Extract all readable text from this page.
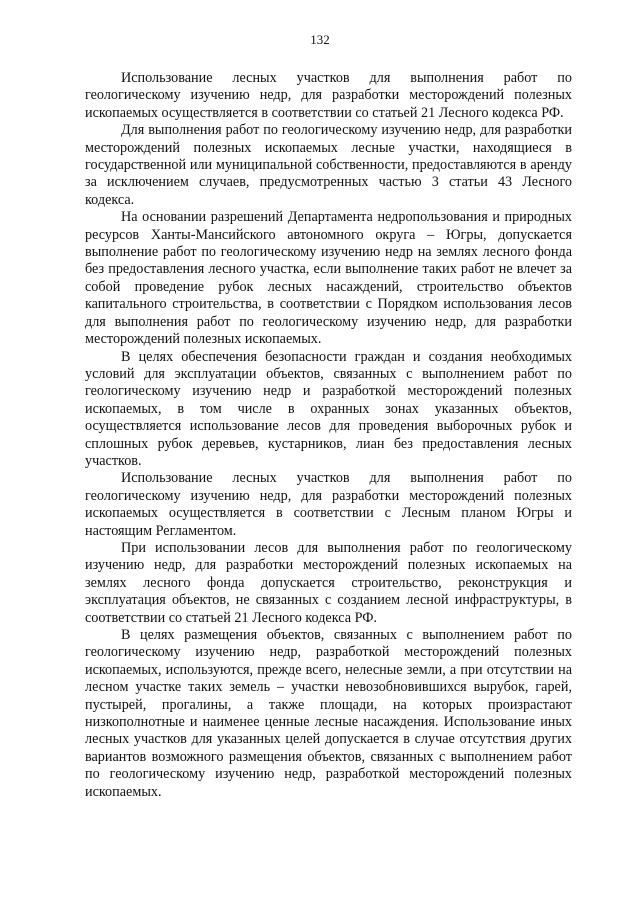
132

Использование лесных участков для выполнения работ по геологическому изучению недр, для разработки месторождений полезных ископаемых осуществляется в соответствии со статьей 21 Лесного кодекса РФ.

Для выполнения работ по геологическому изучению недр, для разработки месторождений полезных ископаемых лесные участки, находящиеся в государственной или муниципальной собственности, предоставляются в аренду за исключением случаев, предусмотренных частью 3 статьи 43 Лесного кодекса.

На основании разрешений Департамента недропользования и природных ресурсов Ханты-Мансийского автономного округа – Югры, допускается выполнение работ по геологическому изучению недр на землях лесного фонда без предоставления лесного участка, если выполнение таких работ не влечет за собой проведение рубок лесных насаждений, строительство объектов капитального строительства, в соответствии с Порядком использования лесов для выполнения работ по геологическому изучению недр, для разработки месторождений полезных ископаемых.

В целях обеспечения безопасности граждан и создания необходимых условий для эксплуатации объектов, связанных с выполнением работ по геологическому изучению недр и разработкой месторождений полезных ископаемых, в том числе в охранных зонах указанных объектов, осуществляется использование лесов для проведения выборочных рубок и сплошных рубок деревьев, кустарников, лиан без предоставления лесных участков.

Использование лесных участков для выполнения работ по геологическому изучению недр, для разработки месторождений полезных ископаемых осуществляется в соответствии с Лесным планом Югры и настоящим Регламентом.

При использовании лесов для выполнения работ по геологическому изучению недр, для разработки месторождений полезных ископаемых на землях лесного фонда допускается строительство, реконструкция и эксплуатация объектов, не связанных с созданием лесной инфраструктуры, в соответствии со статьей 21 Лесного кодекса РФ.

В целях размещения объектов, связанных с выполнением работ по геологическому изучению недр, разработкой месторождений полезных ископаемых, используются, прежде всего, нелесные земли, а при отсутствии на лесном участке таких земель – участки невозобновившихся вырубок, гарей, пустырей, прогалины, а также площади, на которых произрастают низкополнотные и наименее ценные лесные насаждения. Использование иных лесных участков для указанных целей допускается в случае отсутствия других вариантов возможного размещения объектов, связанных с выполнением работ по геологическому изучению недр, разработкой месторождений полезных ископаемых.
